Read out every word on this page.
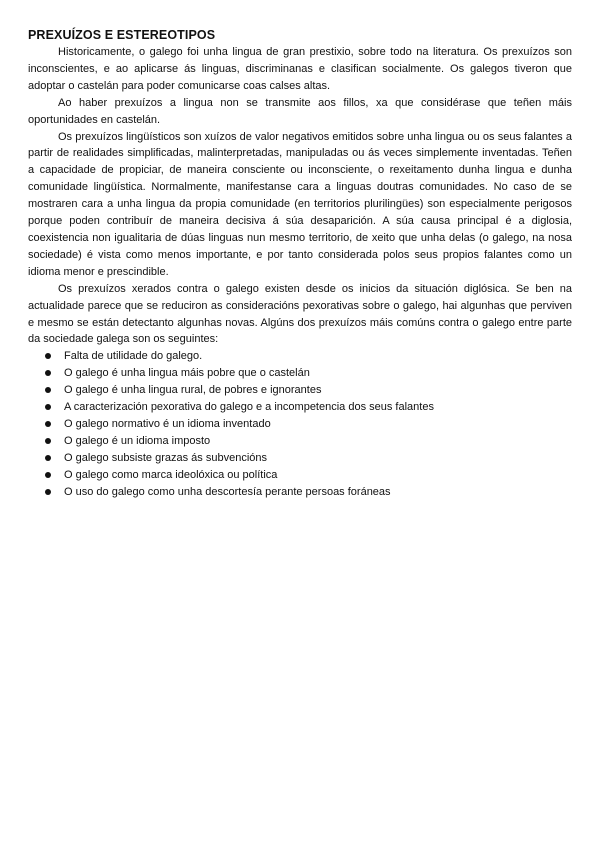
PREXUÍZOS E ESTEREOTIPOS

Historicamente, o galego foi unha lingua de gran prestixio, sobre todo na literatura. Os prexuízos son inconscientes, e ao aplicarse ás linguas, discriminanas e clasifican socialmente. Os galegos tiveron que adoptar o castelán para poder comunicarse coas calses altas.

Ao haber prexuízos a lingua non se transmite aos fillos, xa que considérase que teñen máis oportunidades en castelán.

Os prexuízos lingüísticos son xuízos de valor negativos emitidos sobre unha lingua ou os seus falantes a partir de realidades simplificadas, malinterpretadas, manipuladas ou ás veces simplemente inventadas. Teñen a capacidade de propiciar, de maneira consciente ou inconsciente, o rexeitamento dunha lingua e dunha comunidade lingüística. Normalmente, manifestanse cara a linguas doutras comunidades. No caso de se mostraren cara a unha lingua da propia comunidade (en territorios plurilingües) son especialmente perigosos porque poden contribuír de maneira decisiva á súa desaparición. A súa causa principal é a diglosia, coexistencia non igualitaria de dúas linguas nun mesmo territorio, de xeito que unha delas (o galego, na nosa sociedade) é vista como menos importante, e por tanto considerada polos seus propios falantes como un idioma menor e prescindible.

Os prexuízos xerados contra o galego existen desde os inicios da situación diglósica. Se ben na actualidade parece que se reduciron as consideracións pexorativas sobre o galego, hai algunhas que perviven e mesmo se están detectanto algunhas novas. Algúns dos prexuízos máis comúns contra o galego entre parte da sociedade galega son os seguintes:

Falta de utilidade do galego.
O galego é unha lingua máis pobre que o castelán
O galego é unha lingua rural, de pobres e ignorantes
A caracterización pexorativa do galego e a incompetencia dos seus falantes
O galego normativo é un idioma inventado
O galego é un idioma imposto
O galego subsiste grazas ás subvencións
O galego como marca ideolóxica ou política
O uso do galego como unha descortesía perante persoas foráneas
